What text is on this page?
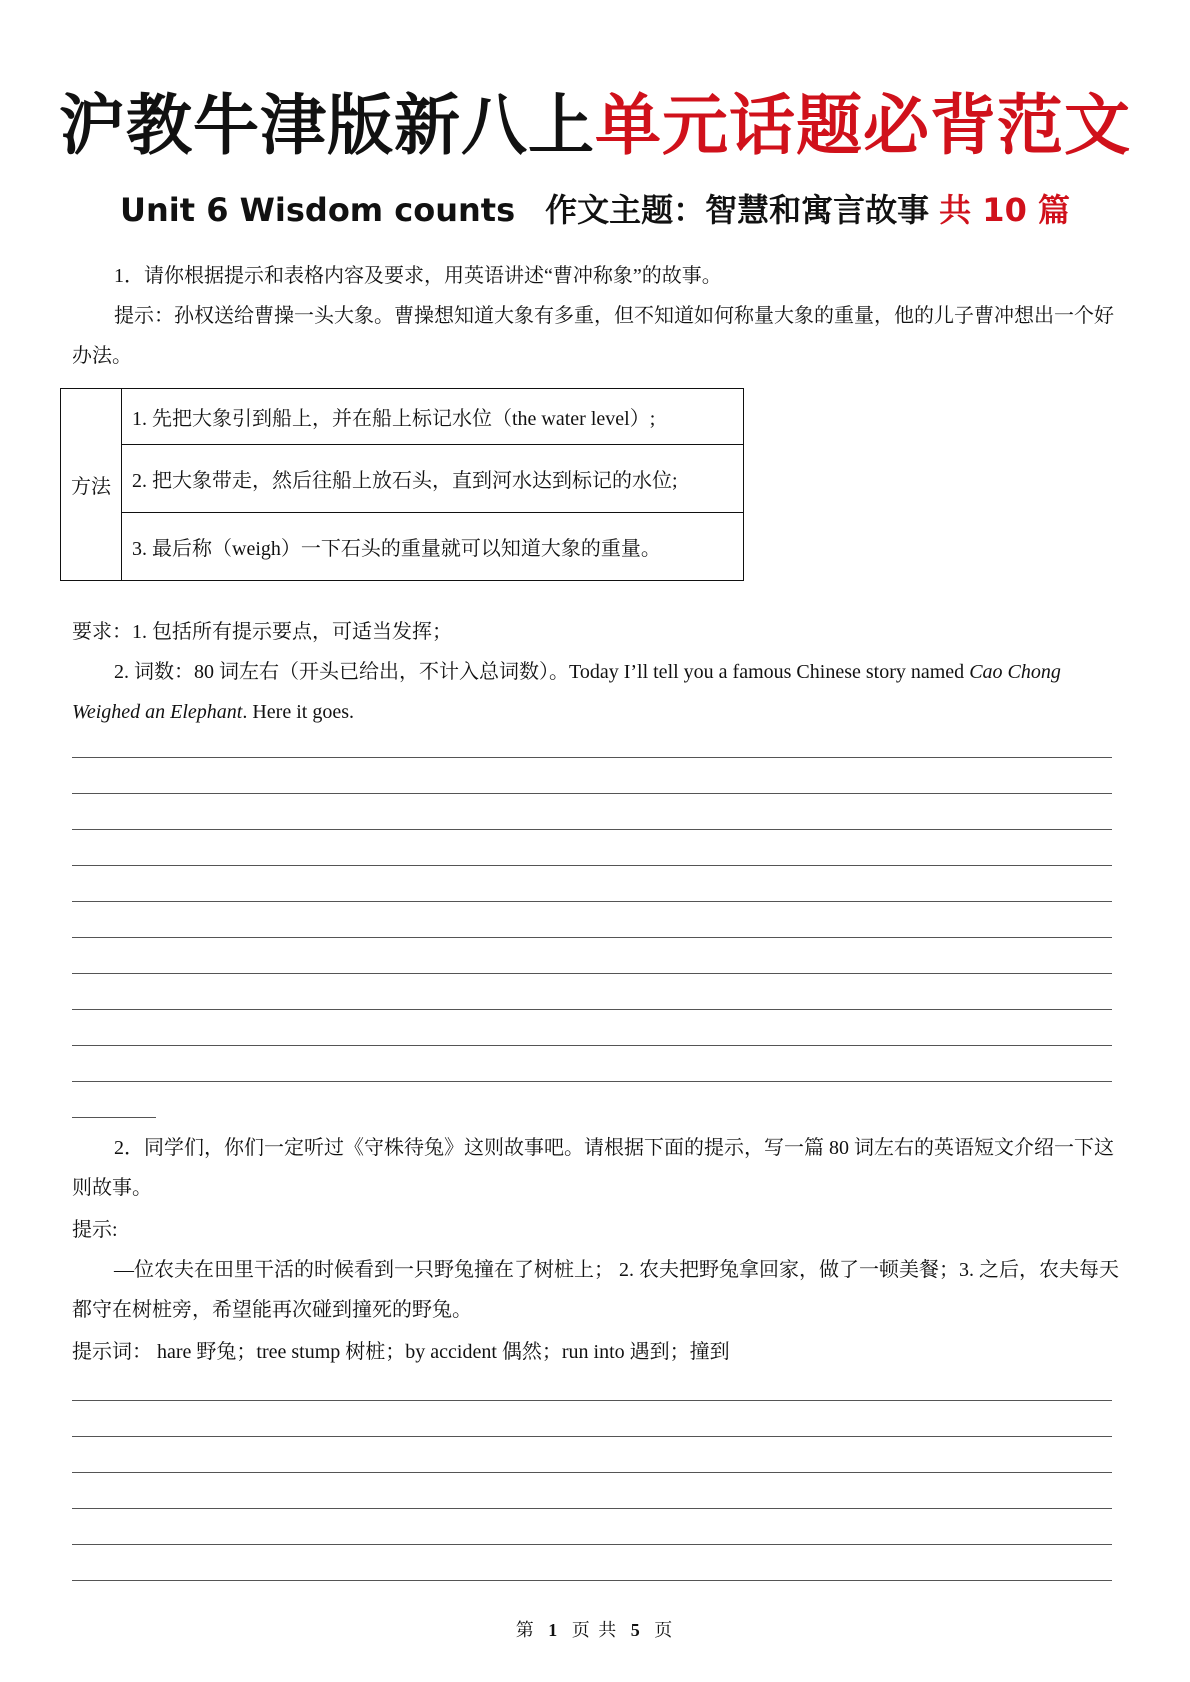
沪教牛津版新八上单元话题必背范文
Unit 6 Wisdom counts 作文主题：智慧和寓言故事 共 10 篇
1．请你根据提示和表格内容及要求，用英语讲述“曹冲称象”的故事。
提示：孙权送给曹操一头大象。曹操想知道大象有多重，但不知道如何称量大象的重量，他的儿子曹冲想出一个好办法。
方法	1. 先把大象引到船上，并在船上标记水位（the water level）;
2. 把大象带走，然后往船上放石头，直到河水达到标记的水位;
3. 最后称（weigh）一下石头的重量就可以知道大象的重量。
要求：1. 包括所有提示要点，可适当发挥；
2. 词数：80 词左右（开头已给出，不计入总词数）。Today I’ll tell you a famous Chinese story named Cao Chong Weighed an Elephant. Here it goes.
2．同学们，你们一定听过《守株待兔》这则故事吧。请根据下面的提示，写一篇 80 词左右的英语短文介绍一下这则故事。
提示:
—位农夫在田里干活的时候看到一只野兔撞在了树桩上； 2. 农夫把野兔拿回家，做了一顿美餐；3. 之后，农夫每天都守在树桩旁，希望能再次碰到撞死的野兔。
提示词： hare 野兔；tree stump 树桩；by accident 偶然；run into 遇到；撞到
第 1 页 共 5 页
